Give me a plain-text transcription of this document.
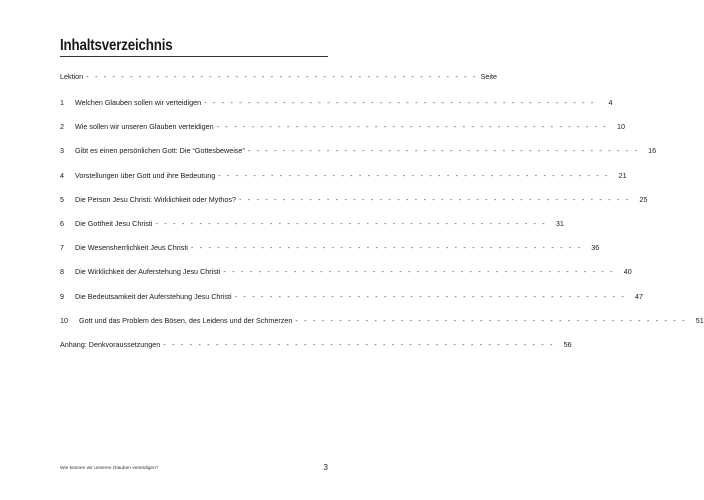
Inhaltsverzeichnis
Lektion - - - - - - - - - - - - - - - - - - - - - - - - - - - - - - - - - - - - - - - - - - - - - Seite
1	Welchen Glauben sollen wir verteidigen - - - - - - - - - - - - - - - - - - - - - - - - - - - - - - - - - - - - - - - - - - - - -	4
2	Wie sollen wir unseren Glauben verteidigen - - - - - - - - - - - - - - - - - - - - - - - - - - - - - - - - - - - - - - - - - - - - -	10
3	Gibt es einen persönlichen Gott: Die “Gottesbeweise” - - - - - - - - - - - - - - - - - - - - - - - - - - - - - - - - - - - - - - - - - - - - -	16
4	Vorstellungen über Gott und ihre Bedeutung - - - - - - - - - - - - - - - - - - - - - - - - - - - - - - - - - - - - - - - - - - - - -	21
5	Die Person Jesu Christi: Wirklichkeit oder Mythos? - - - - - - - - - - - - - - - - - - - - - - - - - - - - - - - - - - - - - - - - - - - - -	25
6	Die Gottheit Jesu Christi - - - - - - - - - - - - - - - - - - - - - - - - - - - - - - - - - - - - - - - - - - - - -	31
7	Die Wesensherrlichkeit Jeus Christi - - - - - - - - - - - - - - - - - - - - - - - - - - - - - - - - - - - - - - - - - - - - -	36
8	Die Wirklichkeit der Auferstehung Jesu Christi - - - - - - - - - - - - - - - - - - - - - - - - - - - - - - - - - - - - - - - - - - - - -	40
9	Die Bedeutsamkeit der Auferstehung Jesu Christi - - - - - - - - - - - - - - - - - - - - - - - - - - - - - - - - - - - - - - - - - - - - -	47
10	Gott und das Problem des Bösen, des Leidens und der Schmerzen - - - - - - - - - - - - - - - - - - - - - - - - - - - - - - - - - - - - - - - - - - - - -	51
Anhang: Denkvoraussetzungen - - - - - - - - - - - - - - - - - - - - - - - - - - - - - - - - - - - - - - - - - - - - -	56
Wie können wir unseren Glauben verteidigen?	3
